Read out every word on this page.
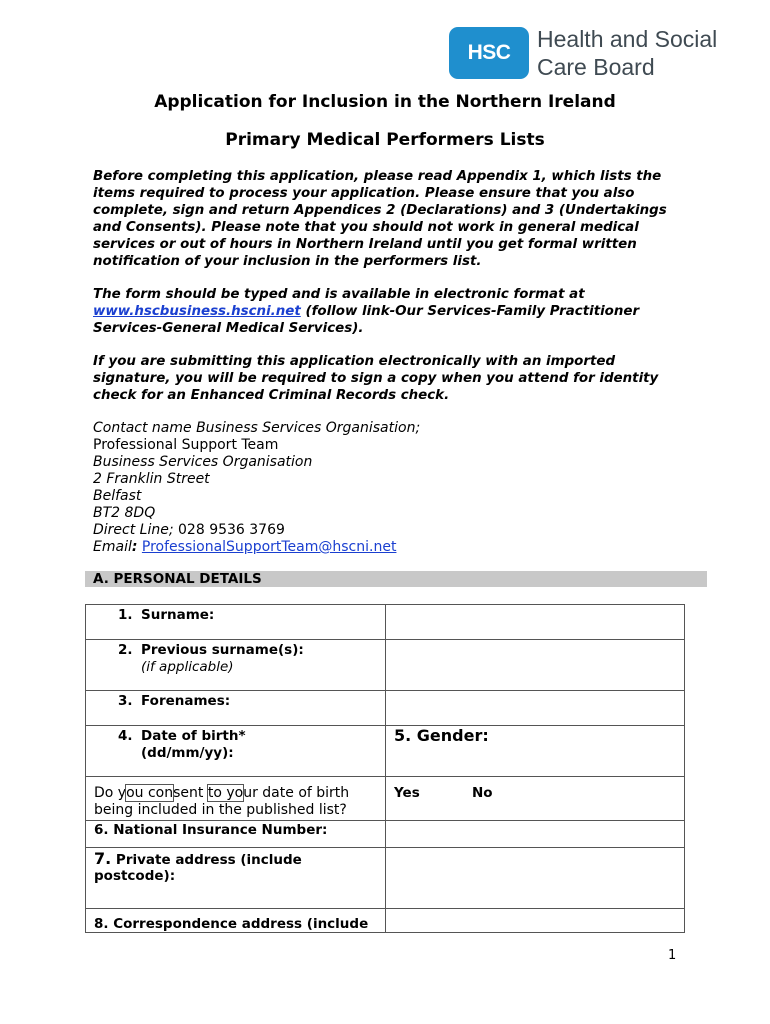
HSC
Health and Social
Care Board
Application for Inclusion in the Northern Ireland
Primary Medical Performers Lists
Before completing this application, please read Appendix 1, which lists the items required to process your application. Please ensure that you also complete, sign and return Appendices 2 (Declarations) and 3 (Undertakings and Consents). Please note that you should not work in general medical services or out of hours in Northern Ireland until you get formal written notification of your inclusion in the performers list.
The form should be typed and is available in electronic format at www.hscbusiness.hscni.net (follow link-Our Services-Family Practitioner Services-General Medical Services).
If you are submitting this application electronically with an imported signature, you will be required to sign a copy when you attend for identity check for an Enhanced Criminal Records check.
Contact name Business Services Organisation;
Professional Support Team
Business Services Organisation
2 Franklin Street
Belfast
BT2 8DQ
Direct Line; 028 9536 3769
Email: ProfessionalSupportTeam@hscni.net
A. PERSONAL DETAILS
1. Surname:	

2. Previous surname(s):
(if applicable)	

3. Forenames:	

4. Date of birth*
(dd/mm/yy):	5. Gender:

Do you consent to your date of birth
being included in the published list?	Yes No

6. National Insurance Number:	
7. Private address (include postcode):	
8. Correspondence address (include	
1
